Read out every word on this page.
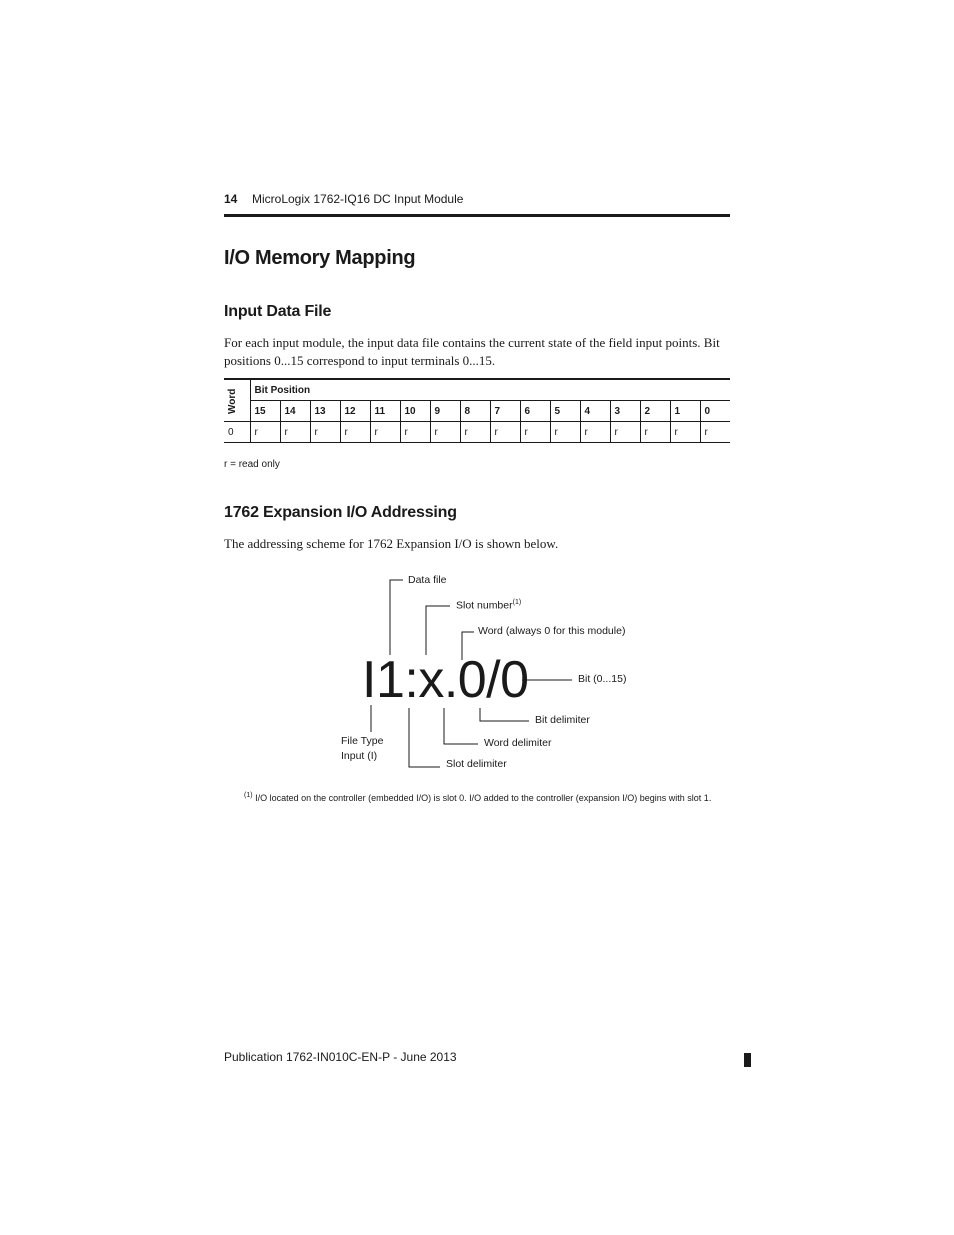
14 MicroLogix 1762-IQ16 DC Input Module
I/O Memory Mapping
Input Data File
For each input module, the input data file contains the current state of the field input points. Bit positions 0...15 correspond to input terminals 0...15.
Word	Bit Position															
	15	14	13	12	11	10	9	8	7	6	5	4	3	2	1	0
0	r	r	r	r	r	r	r	r	r	r	r	r	r	r	r	r
r = read only
1762 Expansion I/O Addressing
The addressing scheme for 1762 Expansion I/O is shown below.
I1:x.0/0
Data file
Slot number$^{(1)}$
Word (always 0 for this module)
Bit (0...15)
Bit delimiter
File Type
Input (I)
Word delimiter
Slot delimiter
$^{(1)}$ I/O located on the controller (embedded I/O) is slot 0. I/O added to the controller (expansion I/O) begins with slot 1.
Publication 1762-IN010C-EN-P - June 2013
